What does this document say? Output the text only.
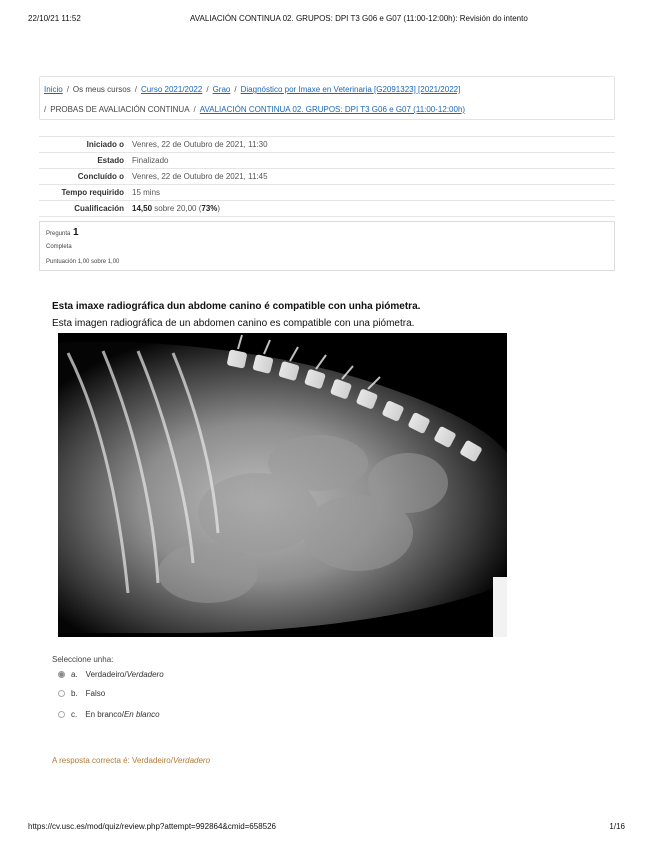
22/10/21 11:52	AVALIACIÓN CONTINUA 02. GRUPOS: DPI T3 G06 e G07 (11:00-12:00h): Revisión do intento
Inicio / Os meus cursos / Curso 2021/2022 / Grao / Diagnóstico por Imaxe en Veterinaria [G2091323] [2021/2022]
/ PROBAS DE AVALIACIÓN CONTINUA / AVALIACIÓN CONTINUA 02. GRUPOS: DPI T3 G06 e G07 (11:00-12:00h)
Iniciado o Venres, 22 de Outubro de 2021, 11:30
Estado Finalizado
Concluído o Venres, 22 de Outubro de 2021, 11:45
Tempo requirido 15 mins
Cualificación 14,50 sobre 20,00 (73%)
Pregunta 1
Completa
Puntuación 1,00 sobre 1,00
Esta imaxe radiográfica dun abdome canino é compatible con unha piómetra.
Esta imagen radiográfica de un abdomen canino es compatible con una piómetra.
Seleccione unha:
a. Verdadeiro/Verdadero
b. Falso
c. En branco/En blanco
A resposta correcta é: Verdadeiro/Verdadero
https://cv.usc.es/mod/quiz/review.php?attempt=992864&cmid=658526	1/16
